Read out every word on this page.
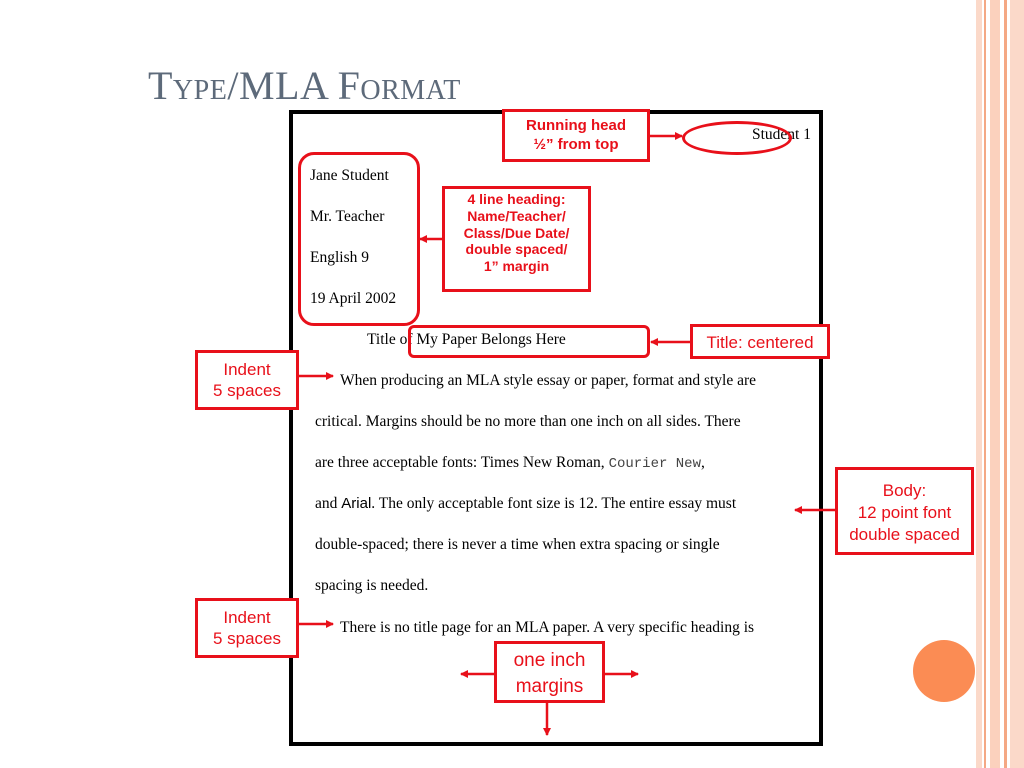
Type/MLA Format
Student 1
Jane Student
Mr. Teacher
English 9
19 April 2002
Title of My Paper Belongs Here
When producing an MLA style essay or paper, format and style are
critical. Margins should be no more than one inch on all sides. There
are three acceptable fonts: Times New Roman, Courier New,
and Arial. The only acceptable font size is 12. The entire essay must
double-spaced; there is never a time when extra spacing or single
spacing is needed.
There is no title page for an MLA paper. A very specific heading is
Running head
½” from top
4 line heading:
Name/Teacher/
Class/Due Date/
double spaced/
1” margin
Title: centered
Indent
5 spaces
Indent
5 spaces
Body:
12 point font
double spaced
one inch
margins
